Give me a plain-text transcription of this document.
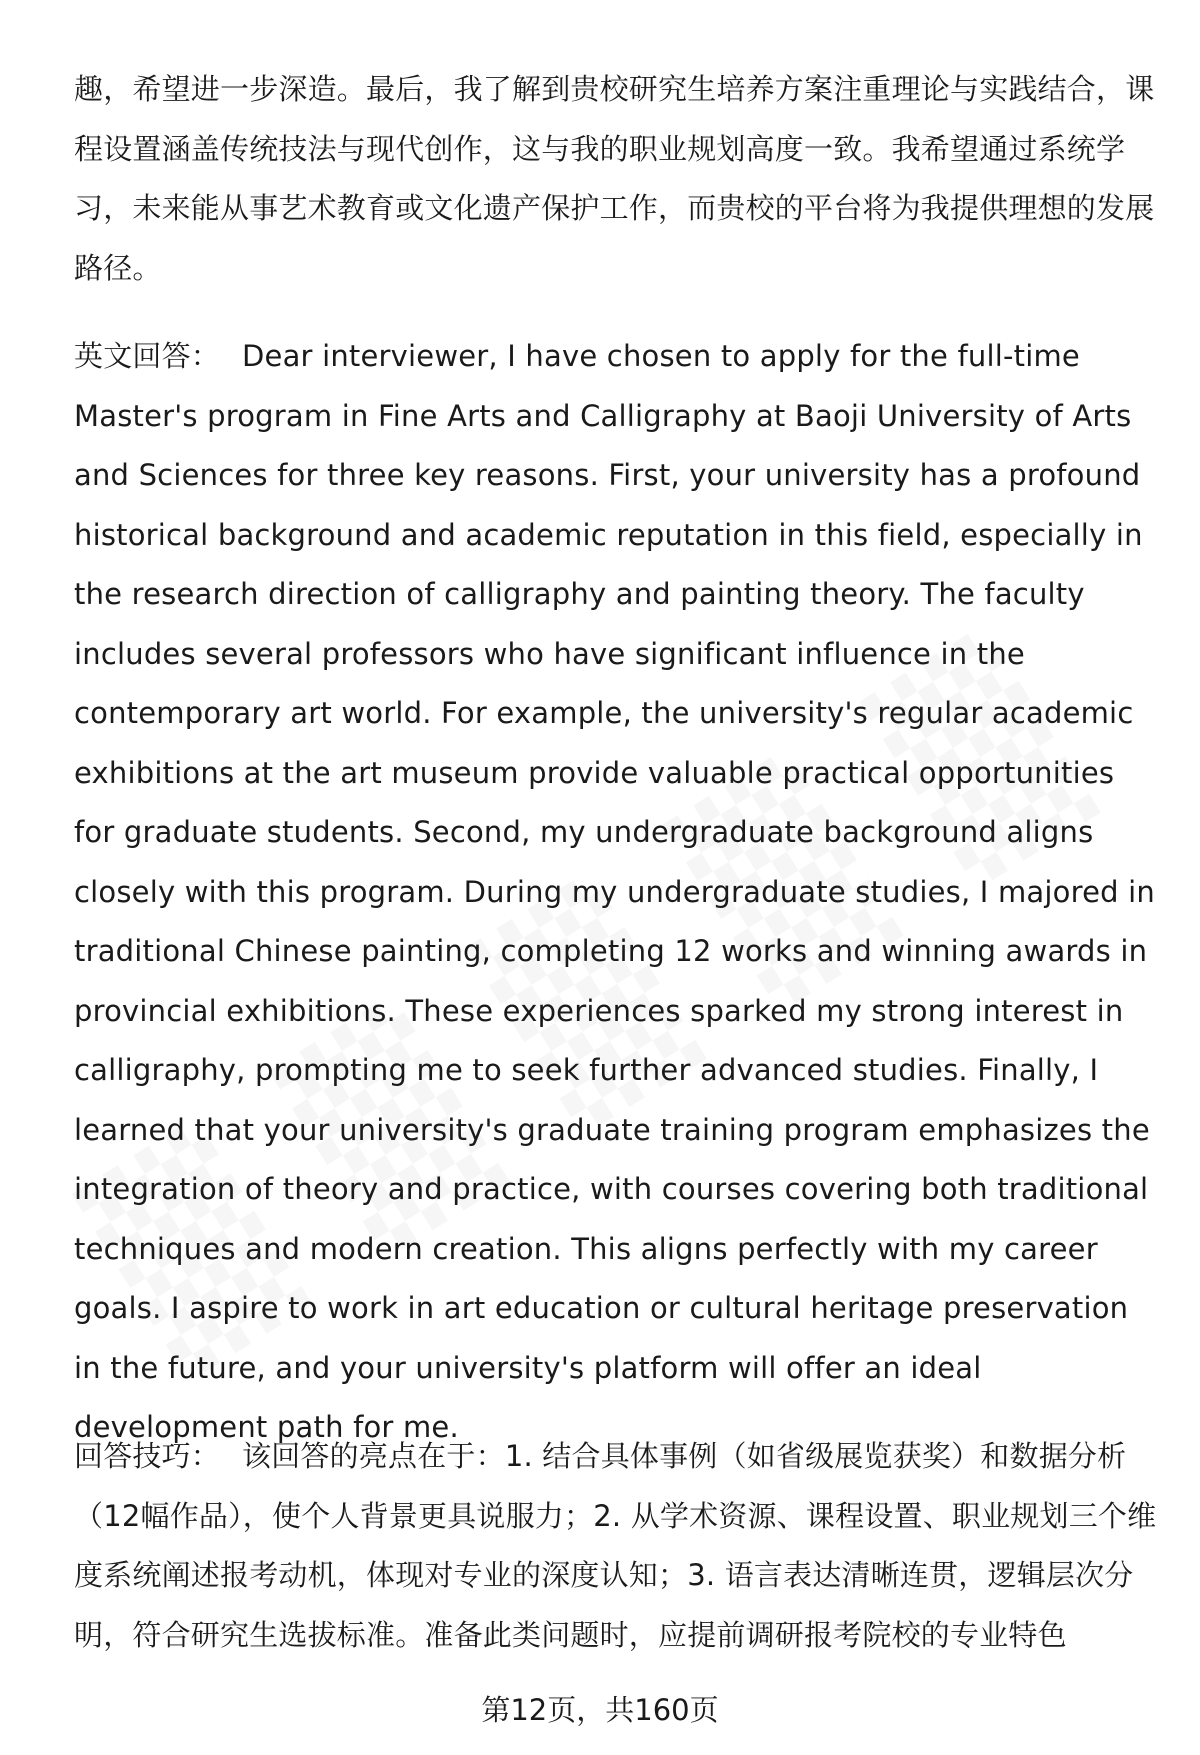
趣，希望进一步深造。最后，我了解到贵校研究生培养方案注重理论与实践结合，课程设置涵盖传统技法与现代创作，这与我的职业规划高度一致。我希望通过系统学习，未来能从事艺术教育或文化遗产保护工作，而贵校的平台将为我提供理想的发展路径。

英文回答： Dear interviewer, I have chosen to apply for the full-time Master's program in Fine Arts and Calligraphy at Baoji University of Arts and Sciences for three key reasons. First, your university has a profound historical background and academic reputation in this field, especially in the research direction of calligraphy and painting theory. The faculty includes several professors who have significant influence in the contemporary art world. For example, the university's regular academic exhibitions at the art museum provide valuable practical opportunities for graduate students. Second, my undergraduate background aligns closely with this program. During my undergraduate studies, I majored in traditional Chinese painting, completing 12 works and winning awards in provincial exhibitions. These experiences sparked my strong interest in calligraphy, prompting me to seek further advanced studies. Finally, I learned that your university's graduate training program emphasizes the integration of theory and practice, with courses covering both traditional techniques and modern creation. This aligns perfectly with my career goals. I aspire to work in art education or cultural heritage preservation in the future, and your university's platform will offer an ideal development path for me.

回答技巧： 该回答的亮点在于：1. 结合具体事例（如省级展览获奖）和数据分析（12幅作品），使个人背景更具说服力；2. 从学术资源、课程设置、职业规划三个维度系统阐述报考动机，体现对专业的深度认知；3. 语言表达清晰连贯，逻辑层次分明，符合研究生选拔标准。准备此类问题时，应提前调研报考院校的专业特色

第12页，共160页
